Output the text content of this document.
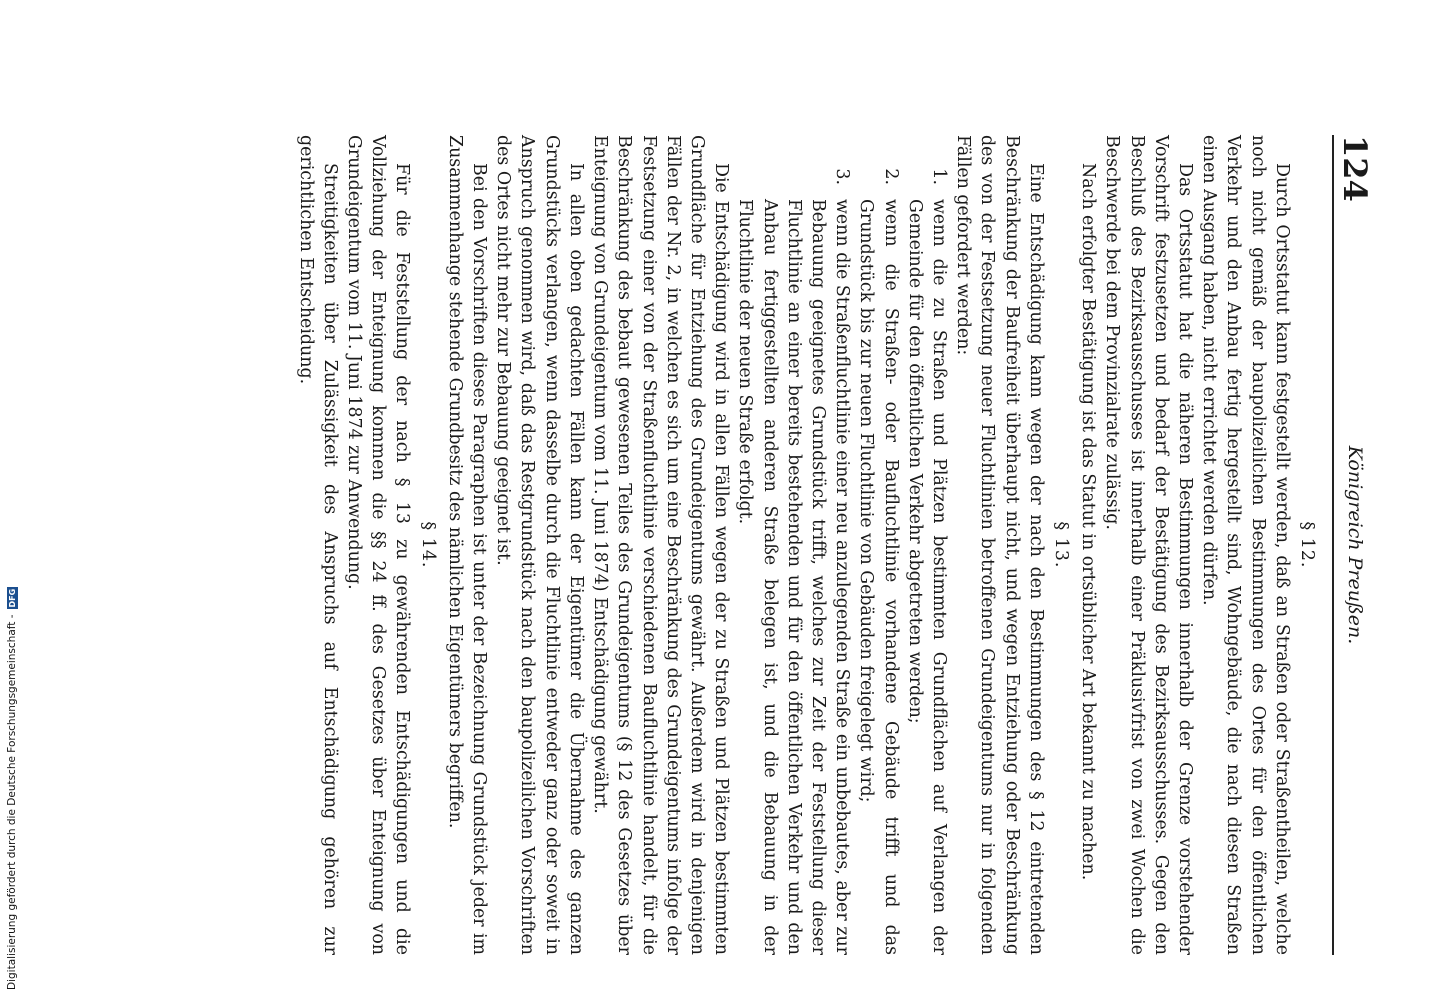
124
Königreich Preußen.

§ 12.

Durch Ortsstatut kann festgestellt werden, daß an Straßen oder Straßentheilen, welche noch nicht gemäß der baupolizeilichen Bestimmungen des Ortes für den öffentlichen Verkehr und den Anbau fertig hergestellt sind, Wohngebäude, die nach diesen Straßen einen Ausgang haben, nicht errichtet werden dürfen.

Das Ortsstatut hat die näheren Bestimmungen innerhalb der Grenze vorstehender Vorschrift festzusetzen und bedarf der Bestätigung des Bezirksausschusses. Gegen den Beschluß des Bezirksausschusses ist innerhalb einer Präklusivfrist von zwei Wochen die Beschwerde bei dem Provinzialrate zulässig.

Nach erfolgter Bestätigung ist das Statut in ortsüblicher Art bekannt zu machen.

§ 13.

Eine Entschädigung kann wegen der nach den Bestimmungen des § 12 eintretenden Beschränkung der Baufreiheit überhaupt nicht, und wegen Entziehung oder Beschränkung des von der Festsetzung neuer Fluchtlinien betroffenen Grundeigentums nur in folgenden Fällen gefordert werden:

1.
wenn die zu Straßen und Plätzen bestimmten Grundflächen auf Verlangen der Gemeinde für den öffentlichen Verkehr abgetreten werden;
2.
wenn die Straßen- oder Baufluchtlinie vorhandene Gebäude trifft und das Grundstück bis zur neuen Fluchtlinie von Gebäuden freigelegt wird;
3.
wenn die Straßenfluchtlinie einer neu anzulegenden Straße ein unbebautes, aber zur Bebauung geeignetes Grundstück trifft, welches zur Zeit der Feststellung dieser Fluchtlinie an einer bereits bestehenden und für den öffentlichen Verkehr und den Anbau fertiggestellten anderen Straße belegen ist, und die Bebauung in der Fluchtlinie der neuen Straße erfolgt.

Die Entschädigung wird in allen Fällen wegen der zu Straßen und Plätzen bestimmten Grundfläche für Entziehung des Grundeigentums gewährt. Außerdem wird in denjenigen Fällen der Nr. 2, in welchen es sich um eine Beschränkung des Grundeigentums infolge der Festsetzung einer von der Straßenfluchtlinie verschiedenen Baufluchtlinie handelt, für die Beschränkung des bebaut gewesenen Teiles des Grundeigentums (§ 12 des Gesetzes über Enteignung von Grundeigentum vom 11. Juni 1874) Entschädigung gewährt.

In allen oben gedachten Fällen kann der Eigentümer die Übernahme des ganzen Grundstücks verlangen, wenn dasselbe durch die Fluchtlinie entweder ganz oder soweit in Anspruch genommen wird, daß das Restgrundstück nach den baupolizeilichen Vorschriften des Ortes nicht mehr zur Bebauung geeignet ist.

Bei den Vorschriften dieses Paragraphen ist unter der Bezeichnung Grundstück jeder im Zusammenhange stehende Grundbesitz des nämlichen Eigentümers begriffen.

§ 14.

Für die Feststellung der nach § 13 zu gewährenden Entschädigungen und die Vollziehung der Enteignung kommen die §§ 24 ff. des Gesetzes über Enteignung von Grundeigentum vom 11. Juni 1874 zur Anwendung.

Streitigkeiten über Zulässigkeit des Anspruchs auf Entschädigung gehören zur gerichtlichen Entscheidung.

Digitalisierung gefördert durch die Deutsche Forschungsgemeinschaft -
DFG
